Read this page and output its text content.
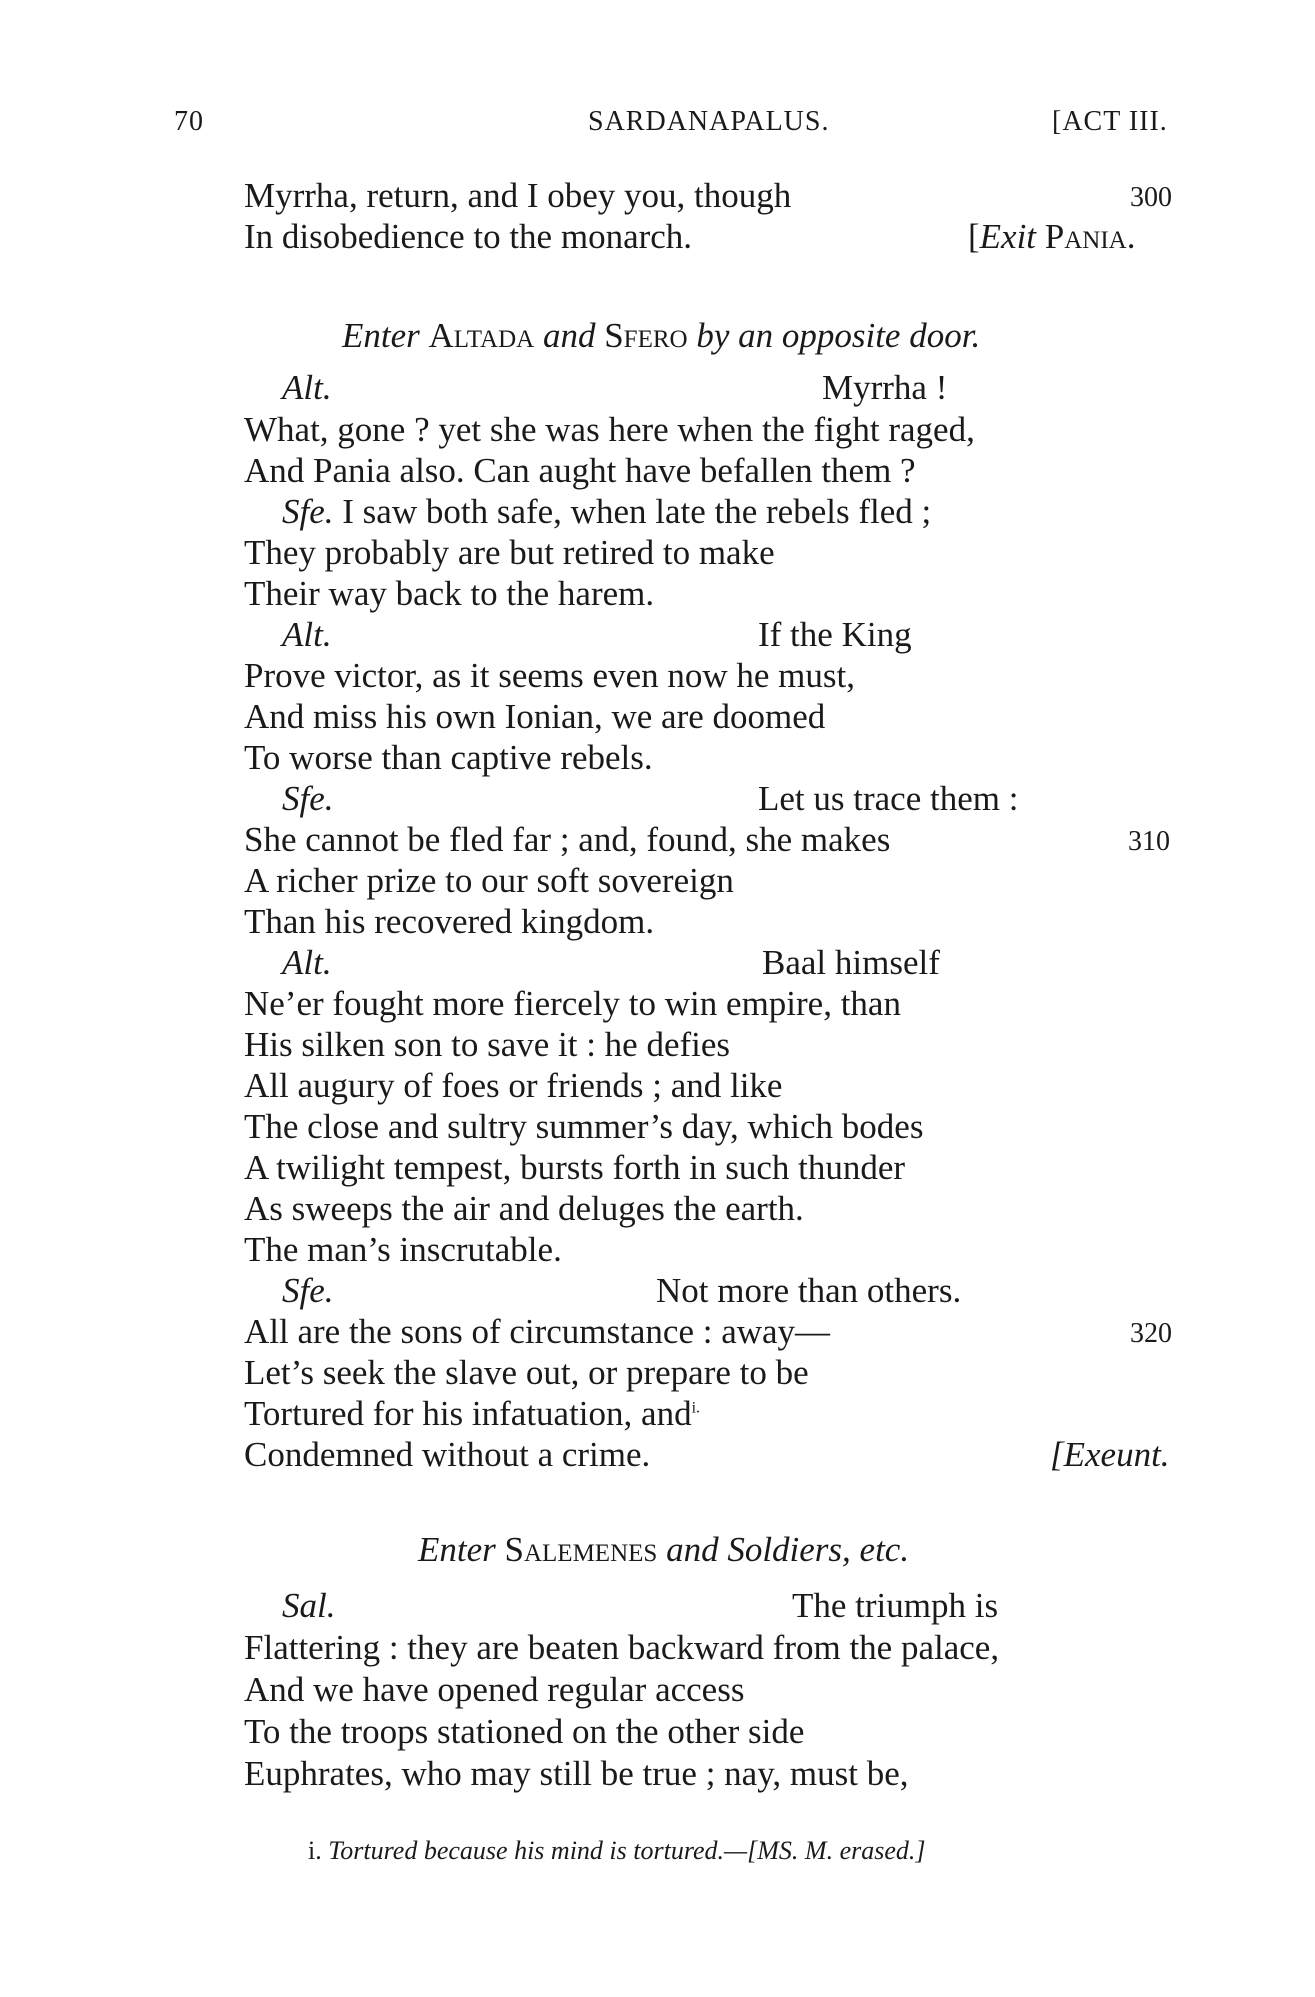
70	SARDANAPALUS.	[ACT III.
Myrrha, return, and I obey you, though	300
In disobedience to the monarch.	[Exit Pania.
Enter Altada and Sfero by an opposite door.
Alt.	Myrrha !
What, gone ? yet she was here when the fight raged,
And Pania also. Can aught have befallen them ?
Sfe. I saw both safe, when late the rebels fled ;
They probably are but retired to make
Their way back to the harem.
Alt.	If the King
Prove victor, as it seems even now he must,
And miss his own Ionian, we are doomed
To worse than captive rebels.
Sfe.	Let us trace them :
She cannot be fled far ; and, found, she makes	310
A richer prize to our soft sovereign
Than his recovered kingdom.
Alt.	Baal himself
Ne’er fought more fiercely to win empire, than
His silken son to save it : he defies
All augury of foes or friends ; and like
The close and sultry summer’s day, which bodes
A twilight tempest, bursts forth in such thunder
As sweeps the air and deluges the earth.
The man’s inscrutable.
Sfe.	Not more than others.
All are the sons of circumstance : away—	320
Let’s seek the slave out, or prepare to be
Tortured for his infatuation, and$^{i.}$
Condemned without a crime.	[Exeunt.
Enter Salemenes and Soldiers, etc.
Sal.	The triumph is
Flattering : they are beaten backward from the palace,
And we have opened regular access
To the troops stationed on the other side
Euphrates, who may still be true ; nay, must be,
i. Tortured because his mind is tortured.—[MS. M. erased.]
